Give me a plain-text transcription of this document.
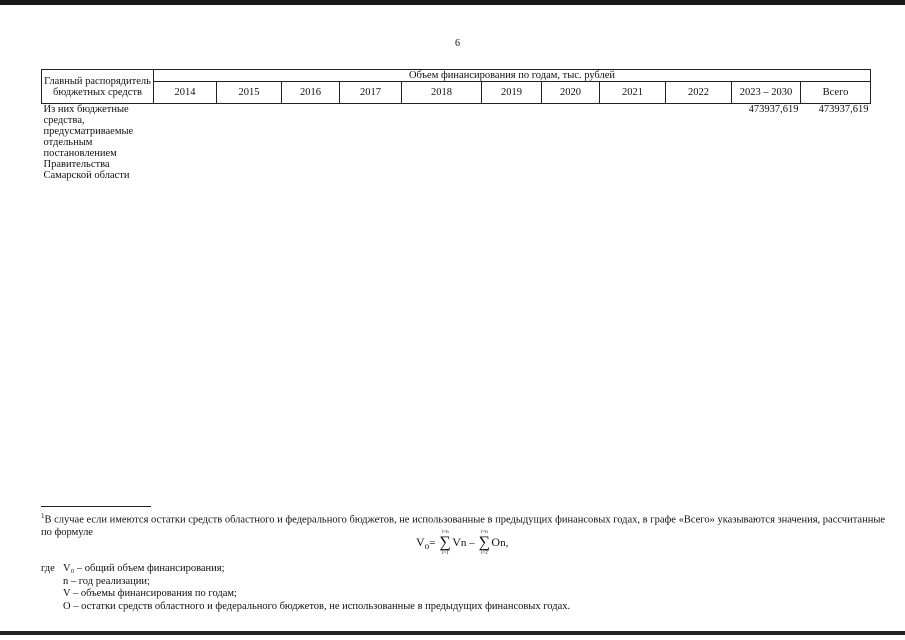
6
Главный распорядитель бюджетных средств	Объем финансирования по годам, тыс. рублей										
	2014	2015	2016	2017	2018	2019	2020	2021	2022	2023 – 2030	Всего
Из них бюджетные средства, предусматриваемые отдельным постановлением Правительства Самарской области										473937,619	473937,619
$^1$В случае если имеются остатки средств областного и федерального бюджетов, не использованные в предыдущих финансовых годах, в графе «Всего» указываются значения, рассчитанные по формуле
$V_o=$
i=n
∑
i=1
Vn –
i=n
∑
i=2
On,
где V₀ – общий объем финансирования;
n – год реализации;
V – объемы финансирования по годам;
O – остатки средств областного и федерального бюджетов, не использованные в предыдущих финансовых годах.
